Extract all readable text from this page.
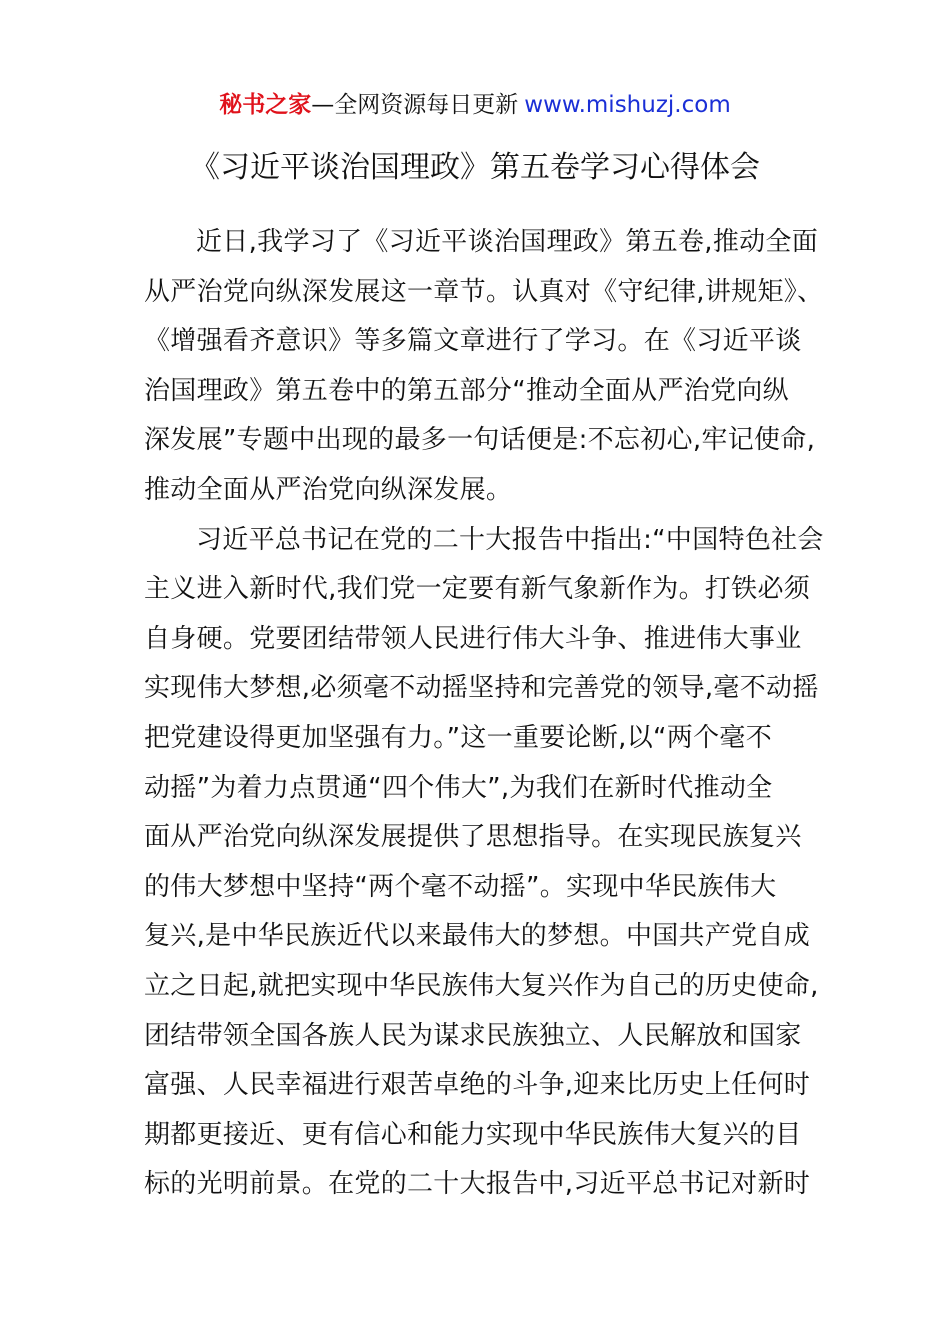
秘书之家—全网资源每日更新 www.mishuzj.com
《习近平谈治国理政》第五卷学习心得体会
近日,我学习了《习近平谈治国理政》第五卷,推动全面
从严治党向纵深发展这一章节。认真对《守纪律,讲规矩》、
《增强看齐意识》等多篇文章进行了学习。在《习近平谈
治国理政》第五卷中的第五部分“推动全面从严治党向纵
深发展”专题中出现的最多一句话便是:不忘初心,牢记使命,
推动全面从严治党向纵深发展。
习近平总书记在党的二十大报告中指出:“中国特色社会
主义进入新时代,我们党一定要有新气象新作为。打铁必须
自身硬。党要团结带领人民进行伟大斗争、推进伟大事业
实现伟大梦想,必须毫不动摇坚持和完善党的领导,毫不动摇
把党建设得更加坚强有力。”这一重要论断,以“两个毫不
动摇”为着力点贯通“四个伟大”,为我们在新时代推动全
面从严治党向纵深发展提供了思想指导。在实现民族复兴
的伟大梦想中坚持“两个毫不动摇”。实现中华民族伟大
复兴,是中华民族近代以来最伟大的梦想。中国共产党自成
立之日起,就把实现中华民族伟大复兴作为自己的历史使命,
团结带领全国各族人民为谋求民族独立、人民解放和国家
富强、人民幸福进行艰苦卓绝的斗争,迎来比历史上任何时
期都更接近、更有信心和能力实现中华民族伟大复兴的目
标的光明前景。在党的二十大报告中,习近平总书记对新时
